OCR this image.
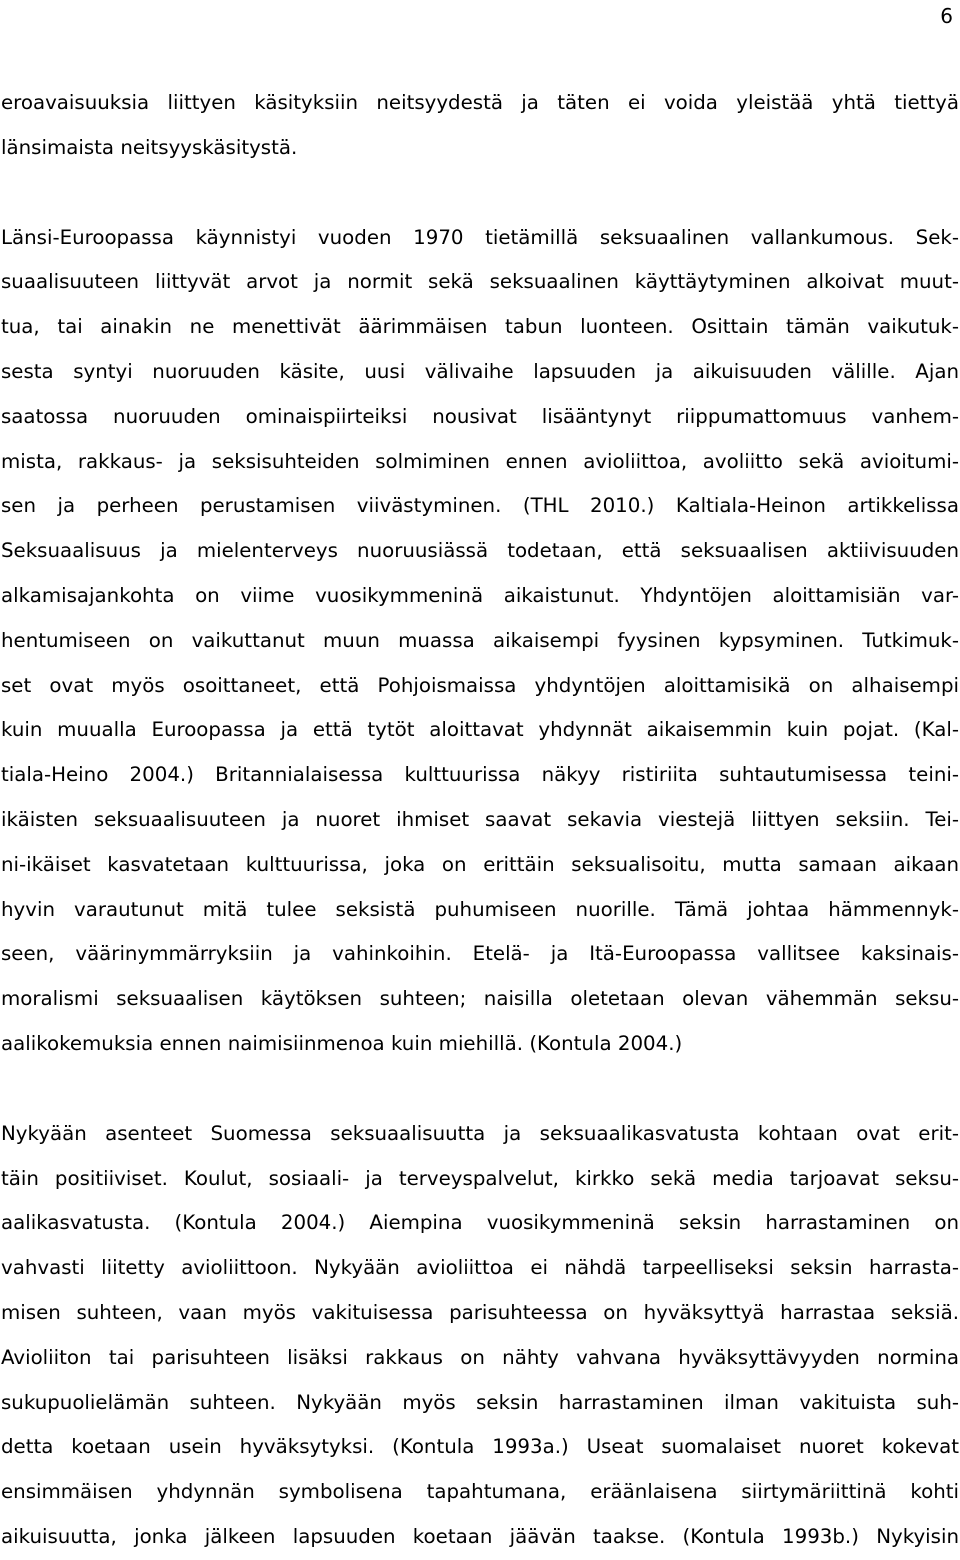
6
eroavaisuuksia liittyen käsityksiin neitsyydestä ja täten ei voida yleistää yhtä tiettyä
länsimaista neitsyyskäsitystä.
Länsi-Euroopassa käynnistyi vuoden 1970 tietämillä seksuaalinen vallankumous. Sek-
suaalisuuteen liittyvät arvot ja normit sekä seksuaalinen käyttäytyminen alkoivat muut-
tua, tai ainakin ne menettivät äärimmäisen tabun luonteen. Osittain tämän vaikutuk-
sesta syntyi nuoruuden käsite, uusi välivaihe lapsuuden ja aikuisuuden välille. Ajan
saatossa nuoruuden ominaispiirteiksi nousivat lisääntynyt riippumattomuus vanhem-
mista, rakkaus- ja seksisuhteiden solmiminen ennen avioliittoa, avoliitto sekä avioitumi-
sen ja perheen perustamisen viivästyminen. (THL 2010.) Kaltiala-Heinon artikkelissa
Seksuaalisuus ja mielenterveys nuoruusiässä todetaan, että seksuaalisen aktiivisuuden
alkamisajankohta on viime vuosikymmeninä aikaistunut. Yhdyntöjen aloittamisiän var-
hentumiseen on vaikuttanut muun muassa aikaisempi fyysinen kypsyminen. Tutkimuk-
set ovat myös osoittaneet, että Pohjoismaissa yhdyntöjen aloittamisikä on alhaisempi
kuin muualla Euroopassa ja että tytöt aloittavat yhdynnät aikaisemmin kuin pojat. (Kal-
tiala-Heino 2004.) Britannialaisessa kulttuurissa näkyy ristiriita suhtautumisessa teini-
ikäisten seksuaalisuuteen ja nuoret ihmiset saavat sekavia viestejä liittyen seksiin. Tei-
ni-ikäiset kasvatetaan kulttuurissa, joka on erittäin seksualisoitu, mutta samaan aikaan
hyvin varautunut mitä tulee seksistä puhumiseen nuorille. Tämä johtaa hämmennyk-
seen, väärinymmärryksiin ja vahinkoihin. Etelä- ja Itä-Euroopassa vallitsee kaksinais-
moralismi seksuaalisen käytöksen suhteen; naisilla oletetaan olevan vähemmän seksu-
aalikokemuksia ennen naimisiinmenoa kuin miehillä. (Kontula 2004.)
Nykyään asenteet Suomessa seksuaalisuutta ja seksuaalikasvatusta kohtaan ovat erit-
täin positiiviset. Koulut, sosiaali- ja terveyspalvelut, kirkko sekä media tarjoavat seksu-
aalikasvatusta. (Kontula 2004.) Aiempina vuosikymmeninä seksin harrastaminen on
vahvasti liitetty avioliittoon. Nykyään avioliittoa ei nähdä tarpeelliseksi seksin harrasta-
misen suhteen, vaan myös vakituisessa parisuhteessa on hyväksyttyä harrastaa seksiä.
Avioliiton tai parisuhteen lisäksi rakkaus on nähty vahvana hyväksyttävyyden normina
sukupuolielämän suhteen. Nykyään myös seksin harrastaminen ilman vakituista suh-
detta koetaan usein hyväksytyksi. (Kontula 1993a.) Useat suomalaiset nuoret kokevat
ensimmäisen yhdynnän symbolisena tapahtumana, eräänlaisena siirtymäriittinä kohti
aikuisuutta, jonka jälkeen lapsuuden koetaan jäävän taakse. (Kontula 1993b.) Nykyisin
